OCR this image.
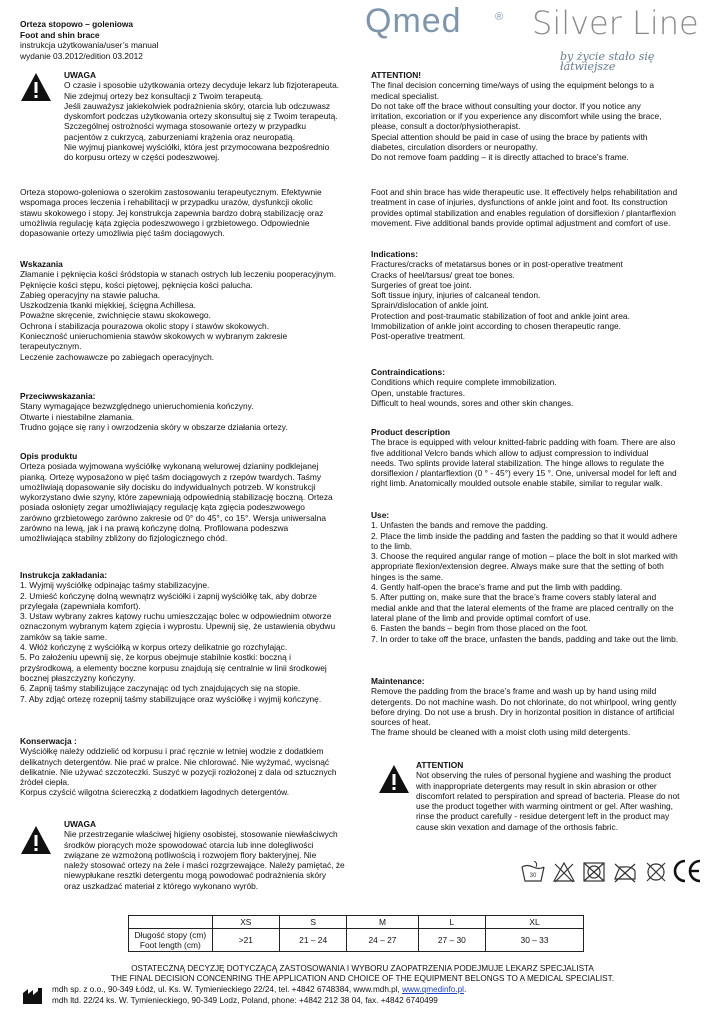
Orteza stopowo – goleniowa
Foot and shin brace
instrukcja użytkowania/user’s manual
wydanie 03.2012/edition 03.2012
Qmed	® Silver Line
by życie stało się łatwiejsze
UWAGA
O czasie i sposobie użytkowania ortezy decyduje lekarz lub fizjoterapeuta.
Nie zdejmuj ortezy bez konsultacji z Twoim terapeutą.
Jeśli zauważysz jakiekolwiek podrażnienia skóry, otarcia lub odczuwasz
dyskomfort podczas użytkowania ortezy skonsultuj się z Twoim terapeutą.
Szczególnej ostrożności wymaga stosowanie ortezy w przypadku
pacjentów z cukrzycą, zaburzeniami krążenia oraz neuropatią.
Nie wyjmuj piankowej wyściółki, która jest przymocowana bezpośrednio
do korpusu ortezy w części podeszwowej.
Orteza stopowo-goleniowa o szerokim zastosowaniu terapeutycznym. Efektywnie
wspomaga proces leczenia i rehabilitacji w przypadku urazów, dysfunkcji okolic
stawu skokowego i stopy. Jej konstrukcja zapewnia bardzo dobrą stabilizację oraz
umożliwia regulację kąta zgięcia podeszwowego i grzbietowego. Odpowiednie
dopasowanie ortezy umożliwia pięć taśm dociągowych.
Wskazania
Złamanie i pęknięcia kości śródstopia w stanach ostrych lub leczeniu pooperacyjnym.
Pęknięcie kości stępu, kości piętowej, pęknięcia kości palucha.
Zabieg operacyjny na stawie palucha.
Uszkodzenia tkanki miękkiej, ścięgna Achillesa.
Poważne skręcenie, zwichnięcie stawu skokowego.
Ochrona i stabilizacja pourazowa okolic stopy i stawów skokowych.
Konieczność unieruchomienia stawów skokowych w wybranym zakresie
terapeutycznym.
Leczenie zachowawcze po zabiegach operacyjnych.
Przeciwwskazania:
Stany wymagające bezwzględnego unieruchomienia kończyny.
Otwarte i niestabilne złamania.
Trudno gojące się rany i owrzodzenia skóry w obszarze działania ortezy.
Opis produktu
Orteza posiada wyjmowana wyściółkę wykonaną welurowej dzianiny podklejanej
pianką. Ortezę wyposażono w pięć taśm dociągowych z rzepów twardych. Taśmy
umożliwiają dopasowanie siły docisku do indywidualnych potrzeb. W konstrukcji
wykorzystano dwie szyny, które zapewniają odpowiednią stabilizację boczną. Orteza
posiada osłonięty zegar umożliwiający regulację kąta zgięcia podeszwowego
zarówno grzbietowego zarówno zakresie od 0° do 45°, co 15°. Wersja uniwersalna
zarówno na lewą, jak i na prawą kończynę dolną. Profilowana podeszwa
umożliwiająca stabilny zbliżony do fizjologicznego chód.
Instrukcja zakładania:
1. Wyjmij wyściółkę odpinając taśmy stabilizacyjne.
2. Umieść kończynę dolną wewnątrz wyściółki i zapnij wyściółkę tak, aby dobrze
przylegała (zapewniała komfort).
3. Ustaw wybrany zakres kątowy ruchu umieszczając bolec w odpowiednim otworze
oznaczonym wybranym kątem zgięcia i wyprostu. Upewnij się, że ustawienia obydwu
zamków są takie same.
4. Włóż kończynę z wyściółką w korpus ortezy delikatnie go rozchylając.
5. Po założeniu upewnij się, że korpus obejmuje stabilnie kostki: boczną i
przyśrodkową, a elementy boczne korpusu znajdują się centralnie w linii środkowej
bocznej płaszczyzny kończyny.
6. Zapnij taśmy stabilizujące zaczynając od tych znajdujących się na stopie.
7. Aby zdjąć ortezę rozepnij taśmy stabilizujące oraz wyściółkę i wyjmij kończynę.
Konserwacja :
Wyściółkę należy oddzielić od korpusu i prać ręcznie w letniej wodzie z dodatkiem
delikatnych detergentów. Nie prać w pralce. Nie chlorować. Nie wyżymać, wycisnąć
delikatnie. Nie używać szczoteczki. Suszyć w pozycji rozłożonej z dala od sztucznych
źródeł ciepła.
Korpus czyścić wilgotna ściereczką z dodatkiem łagodnych detergentów.
UWAGA
Nie przestrzeganie właściwej higieny osobistej, stosowanie niewłaściwych
środków piorących może spowodować otarcia lub inne dolegliwości
związane ze wzmożoną potliwością i rozwojem flory bakteryjnej. Nie
należy stosować ortezy na żele i maści rozgrzewające. Należy pamiętać, że
niewypłukane resztki detergentu mogą powodować podrażnienia skóry
oraz uszkadzać materiał z którego wykonano wyrób.
ATTENTION!
The final decision concerning time/ways of using the equipment belongs to a
medical specialist.
Do not take off the brace without consulting your doctor. If you notice any
irritation, excoriation or if you experience any discomfort while using the brace,
please, consult a doctor/physiotherapist.
Special attention should be paid in case of using the brace by patients with
diabetes, circulation disorders or neuropathy.
Do not remove foam padding – it is directly attached to brace’s frame.
Foot and shin brace has wide therapeutic use. It effectively helps rehabilitation and
treatment in case of injuries, dysfunctions of ankle joint and foot. Its construction
provides optimal stabilization and enables regulation of dorsiflexion / plantarflexion
movement. Five additional bands provide optimal adjustment and comfort of use.
Indications:
Fractures/cracks of metatarsus bones or in post-operative treatment
Cracks of heel/tarsus/ great toe bones.
Surgeries of great toe joint.
Soft tissue injury, injuries of calcaneal tendon.
Sprain/dislocation of ankle joint.
Protection and post-traumatic stabilization of foot and ankle joint area.
Immobilization of ankle joint according to chosen therapeutic range.
Post-operative treatment.
Contraindications:
Conditions which require complete immobilization.
Open, unstable fractures.
Difficult to heal wounds, sores and other skin changes.
Product description
The brace is equipped with velour knitted-fabric padding with foam. There are also
five additional Velcro bands which allow to adjust compression to individual
needs. Two splints provide lateral stabilization. The hinge allows to regulate the
dorsiflexion / plantarflextion (0 ° - 45°) every 15 °. One, universal model for left and
right limb. Anatomically moulded outsole enable stabile, similar to regular walk.
Use:
1. Unfasten the bands and remove the padding.
2. Place the limb inside the padding and fasten the padding so that it would adhere
to the limb.
3. Choose the required angular range of motion – place the bolt in slot marked with
appropriate flexion/extension degree. Always make sure that the setting of both
hinges is the same.
4. Gently half-open the brace’s frame and put the limb with padding.
5. After putting on, make sure that the brace’s frame covers stably lateral and
medial ankle and that the lateral elements of the frame are placed centrally on the
lateral plane of the limb and provide optimal comfort of use.
6. Fasten the bands – begin from those placed on the foot.
7. In order to take off the brace, unfasten the bands, padding and take out the limb.
Maintenance:
Remove the padding from the brace’s frame and wash up by hand using mild
detergents. Do not machine wash. Do not chlorinate, do not whirlpool, wring gently
before drying. Do not use a brush. Dry in horizontal position in distance of artificial
sources of heat.
The frame should be cleaned with a moist cloth using mild detergents.
ATTENTION
Not observing the rules of personal hygiene and washing the product
with inappropriate detergents may result in skin abrasion or other
discomfort related to perspiration and spread of bacteria. Please do not
use the product together with warming ointment or gel. After washing,
rinse the product carefully - residue detergent left in the product may
cause skin vexation and damage of the orthosis fabric.
30
	XS	S	M	L	XL

Długość stopy (cm)
Foot length (cm)	>21	21 – 24	24 – 27	27 – 30	30 – 33
OSTATECZNĄ DECYZJĘ DOTYCZĄCĄ ZASTOSOWANIA I WYBORU ZAOPATRZENIA PODEJMUJE LEKARZ SPECJALISTA
THE FINAL DECISION CONCENRING THE APPLICATION AND CHOICE OF THE EQUIPMENT BELONGS TO A MEDICAL SPECIALIST.
mdh sp. z o.o., 90-349 Łódź, ul. Ks. W. Tymienieckiego 22/24, tel. +4842 6748384, www.mdh.pl, www.qmedinfo.pl.
mdh ltd. 22/24 ks. W. Tymienieckiego, 90-349 Lodz, Poland, phone: +4842 212 38 04, fax. +4842 6740499
